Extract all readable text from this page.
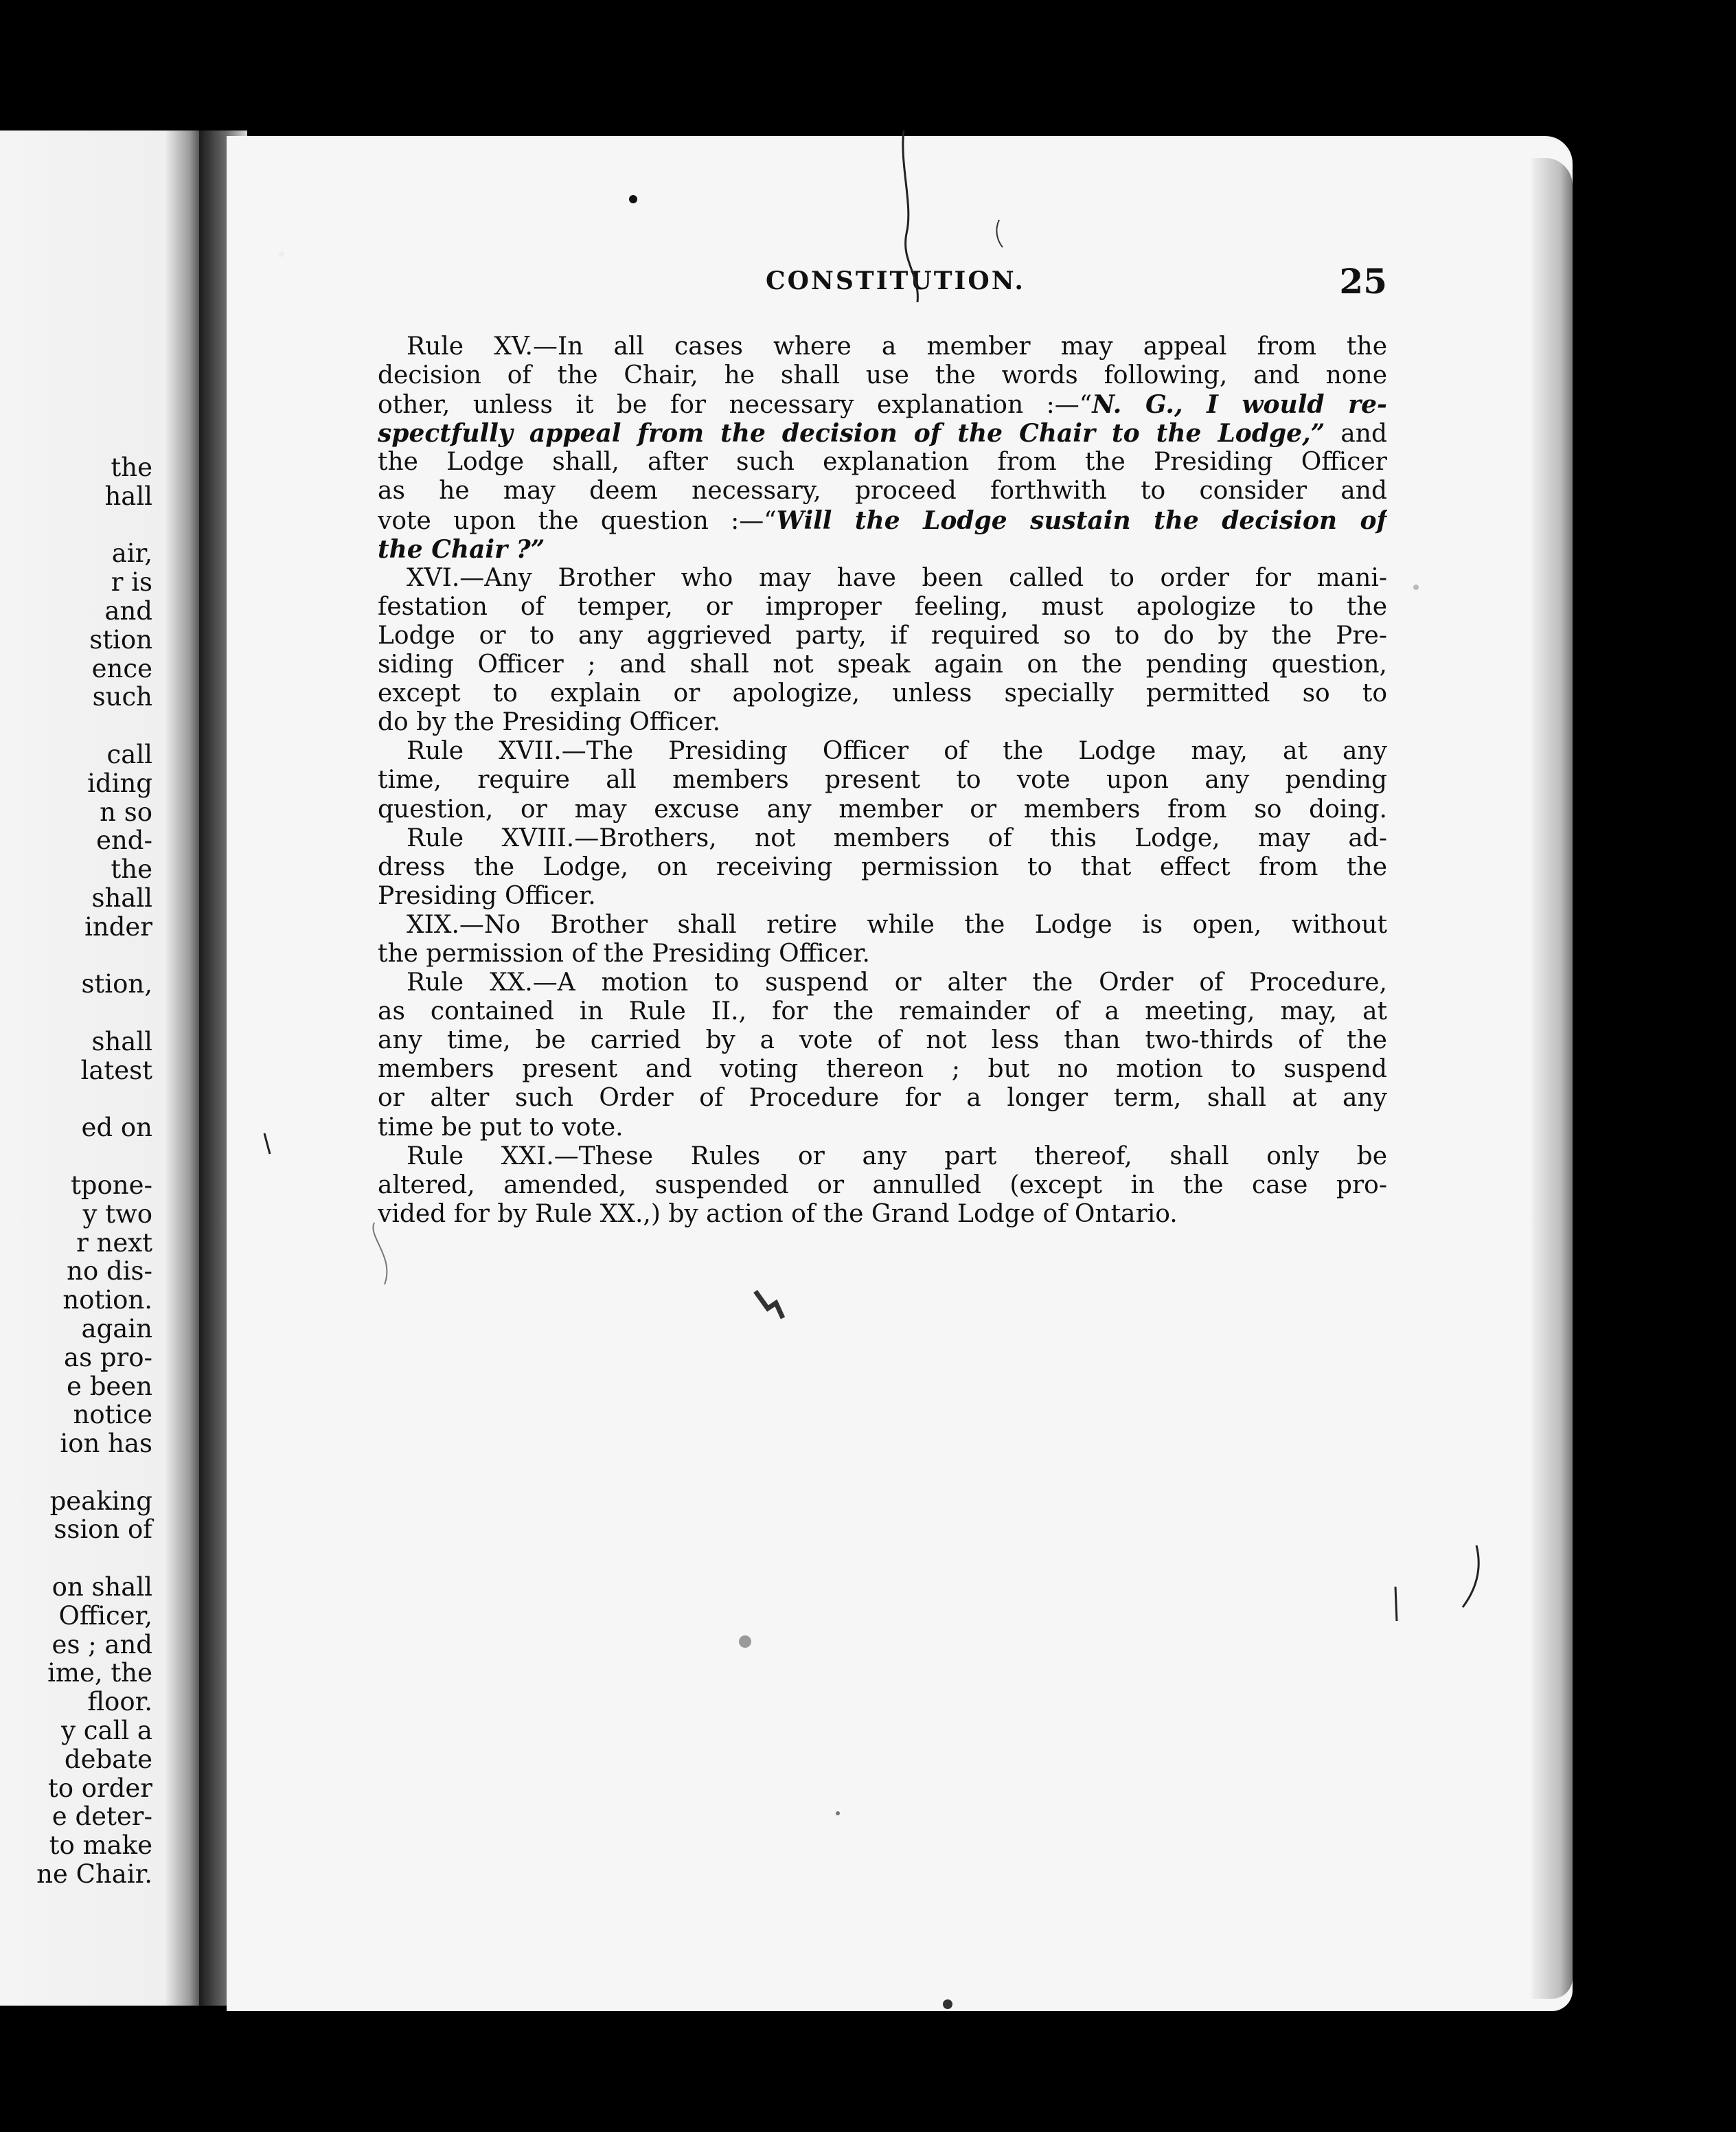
the
hall
air,
r is
and
stion
ence
such
call
iding
n so
end-
the
shall
inder
stion,
shall
latest
ed on
tpone-
y two
r next
no dis-
notion.
again
as pro-
e been
notice
ion has
peaking
ssion of
on shall
Officer,
es ; and
ime, the
floor.
y call a
debate
to order
e deter-
to make
ne Chair.
CONSTITUTION.	25
Rule XV.—In all cases where a member may appeal from the
decision of the Chair, he shall use the words following, and none
other, unless it be for necessary explanation :—“N. G., I would re-
spectfully appeal from the decision of the Chair to the Lodge,” and
the Lodge shall, after such explanation from the Presiding Officer
as he may deem necessary, proceed forthwith to consider and
vote upon the question :—“Will the Lodge sustain the decision of
the Chair ?”
XVI.—Any Brother who may have been called to order for mani-
festation of temper, or improper feeling, must apologize to the
Lodge or to any aggrieved party, if required so to do by the Pre-
siding Officer ; and shall not speak again on the pending question,
except to explain or apologize, unless specially permitted so to
do by the Presiding Officer.
Rule XVII.—The Presiding Officer of the Lodge may, at any
time, require all members present to vote upon any pending
question, or may excuse any member or members from so doing.
Rule XVIII.—Brothers, not members of this Lodge, may ad-
dress the Lodge, on receiving permission to that effect from the
Presiding Officer.
XIX.—No Brother shall retire while the Lodge is open, without
the permission of the Presiding Officer.
Rule XX.—A motion to suspend or alter the Order of Procedure,
as contained in Rule II., for the remainder of a meeting, may, at
any time, be carried by a vote of not less than two-thirds of the
members present and voting thereon ; but no motion to suspend
or alter such Order of Procedure for a longer term, shall at any
time be put to vote.
Rule XXI.—These Rules or any part thereof, shall only be
altered, amended, suspended or annulled (except in the case pro-
vided for by Rule XX.,) by action of the Grand Lodge of Ontario.
